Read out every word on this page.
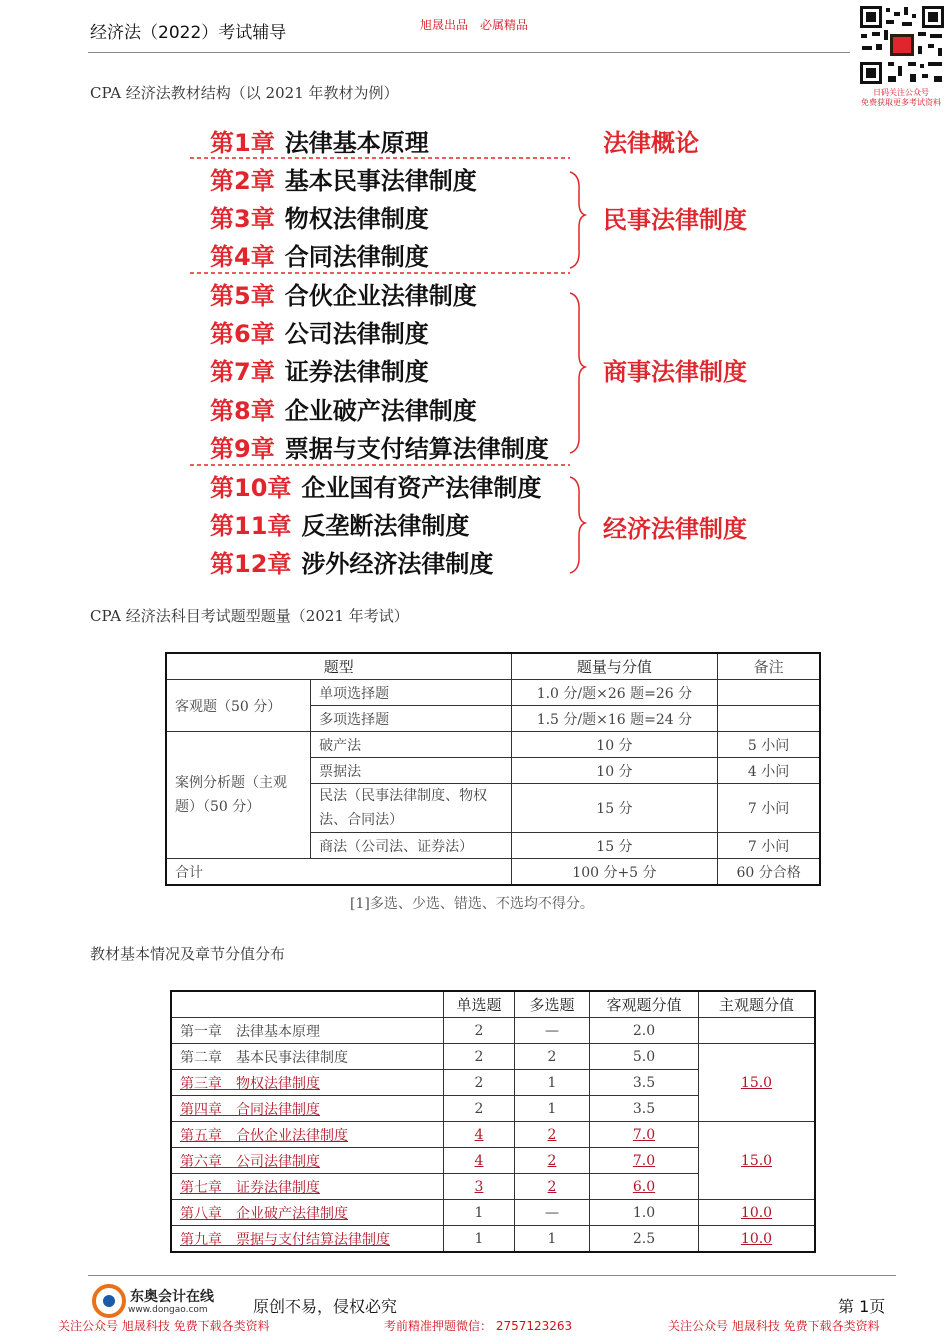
经济法（2022）考试辅导	旭晟出品　必属精品
日码关注公众号
免费获取更多考试资料
CPA 经济法教材结构（以 2021 年教材为例）
第1章 法律基本原理
第2章 基本民事法律制度
第3章 物权法律制度
第4章 合同法律制度
第5章 合伙企业法律制度
第6章 公司法律制度
第7章 证券法律制度
第8章 企业破产法律制度
第9章 票据与支付结算法律制度
第10章 企业国有资产法律制度
第11章 反垄断法律制度
第12章 涉外经济法律制度
法律概论
民事法律制度
商事法律制度
经济法律制度
CPA 经济法科目考试题型题量（2021 年考试）
题型		题量与分值	备注
客观题（50 分）	单项选择题	1.0 分/题×26 题=26 分	
	多项选择题	1.5 分/题×16 题=24 分	
案例分析题（主观题）（50 分）	破产法	10 分	5 小问
	票据法	10 分	4 小问
	民法（民事法律制度、物权法、合同法）	15 分	7 小问
	商法（公司法、证券法）	15 分	7 小问
合计		100 分+5 分	60 分合格
[1]多选、少选、错选、不选均不得分。
教材基本情况及章节分值分布
	单选题	多选题	客观题分值	主观题分值
第一章　法律基本原理	2	—	2.0	
第二章　基本民事法律制度	2	2	5.0	15.0
第三章　物权法律制度	2	1	3.5	
第四章　合同法律制度	2	1	3.5	
第五章　合伙企业法律制度	4	2	7.0	15.0
第六章　公司法律制度	4	2	7.0	
第七章　证券法律制度	3	2	6.0	
第八章　企业破产法律制度	1	—	1.0	10.0
第九章　票据与支付结算法律制度	1	1	2.5	10.0
东奥会计在线
www.dongao.com	原创不易，侵权必究	第 1页
关注公众号 旭晟科技 免费下载各类资料	考前精准押题微信： 2757123263	关注公众号 旭晟科技 免费下载各类资料
